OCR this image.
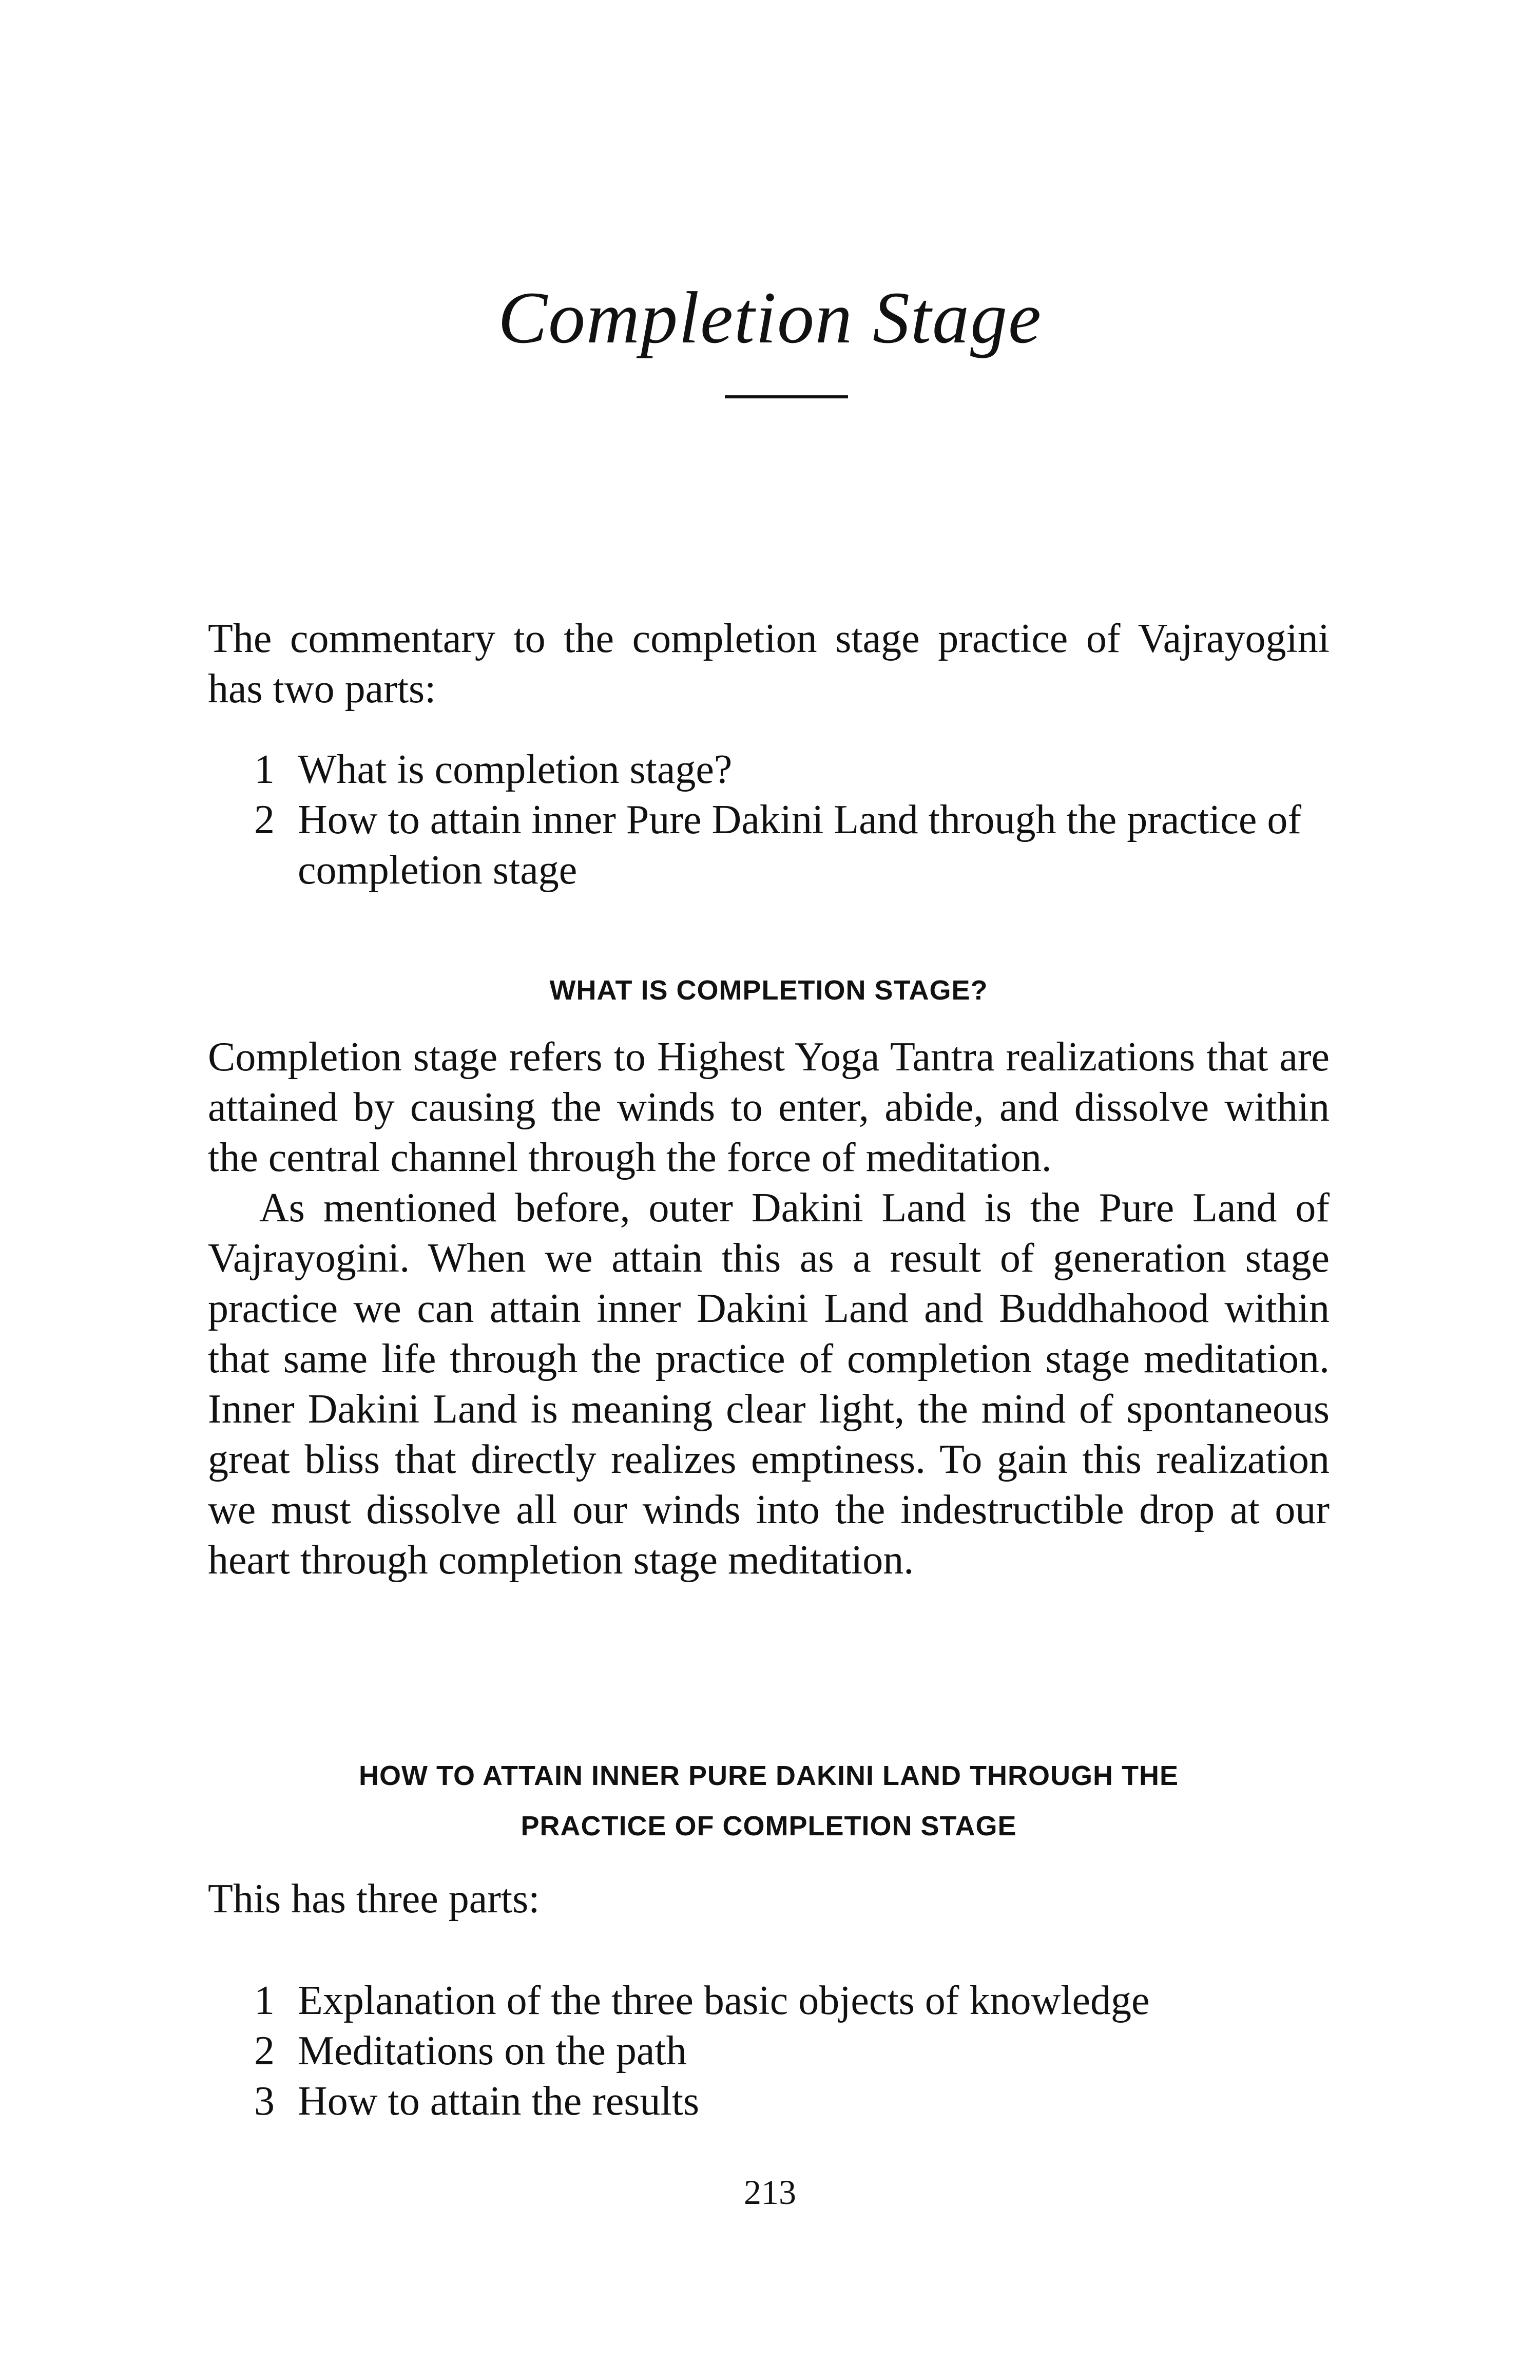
Completion Stage

The commentary to the completion stage practice of Vajrayogini has two parts:

1 What is completion stage?
2 How to attain inner Pure Dakini Land through the practice of completion stage
WHAT IS COMPLETION STAGE?

Completion stage refers to Highest Yoga Tantra realizations that are attained by causing the winds to enter, abide, and dissolve within the central channel through the force of meditation.

As mentioned before, outer Dakini Land is the Pure Land of Vajrayogini. When we attain this as a result of generation stage practice we can attain inner Dakini Land and Buddhahood within that same life through the practice of completion stage meditation. Inner Dakini Land is meaning clear light, the mind of spontaneous great bliss that directly realizes emptiness. To gain this realization we must dissolve all our winds into the indestructible drop at our heart through completion stage meditation.

HOW TO ATTAIN INNER PURE DAKINI LAND THROUGH THE
PRACTICE OF COMPLETION STAGE

This has three parts:

1 Explanation of the three basic objects of knowledge
2 Meditations on the path
3 How to attain the results
213
